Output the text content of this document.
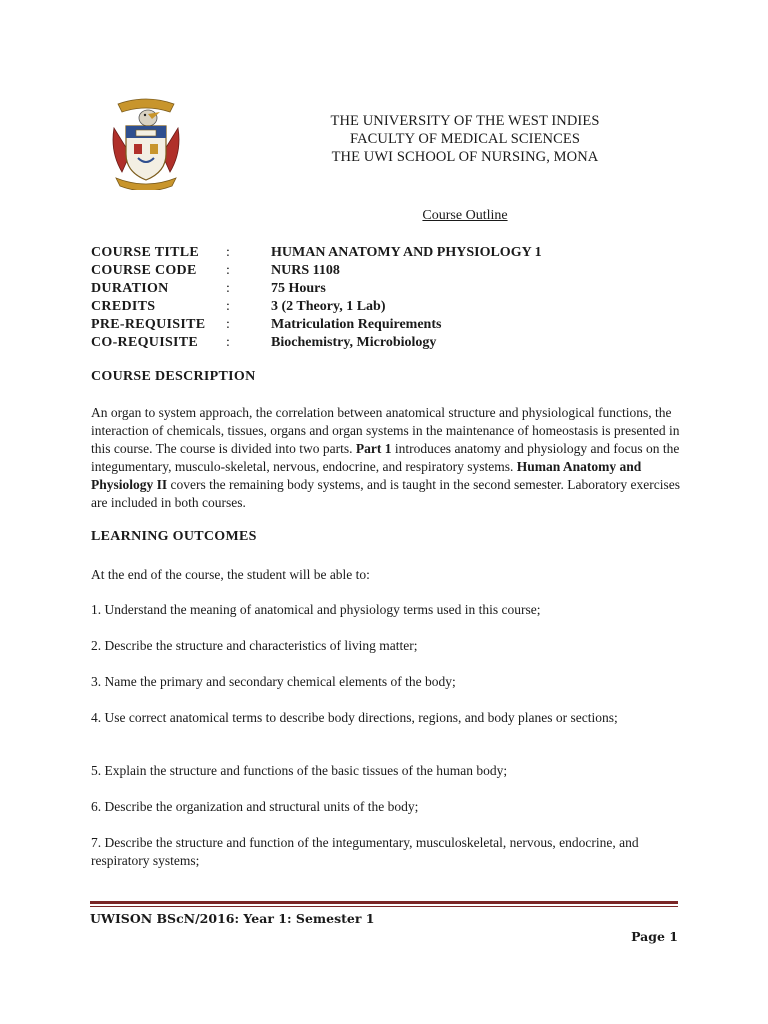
THE UNIVERSITY OF THE WEST INDIES
FACULTY OF MEDICAL SCIENCES
THE UWI SCHOOL OF NURSING, MONA
Course Outline
COURSE TITLE	:	HUMAN ANATOMY AND PHYSIOLOGY 1
COURSE CODE	:	NURS 1108
DURATION	:	75 Hours
CREDITS	:	3 (2 Theory, 1 Lab)
PRE-REQUISITE	:	Matriculation Requirements
CO-REQUISITE	:	Biochemistry, Microbiology
COURSE DESCRIPTION
An organ to system approach, the correlation between anatomical structure and physiological functions, the interaction of chemicals, tissues, organs and organ systems in the maintenance of homeostasis is presented in this course. The course is divided into two parts. Part 1 introduces anatomy and physiology and focus on the integumentary, musculo-skeletal, nervous, endocrine, and respiratory systems. Human Anatomy and Physiology II covers the remaining body systems, and is taught in the second semester. Laboratory exercises are included in both courses.
LEARNING OUTCOMES
At the end of the course, the student will be able to:
1. Understand the meaning of anatomical and physiology terms used in this course;
2. Describe the structure and characteristics of living matter;
3. Name the primary and secondary chemical elements of the body;
4. Use correct anatomical terms to describe body directions, regions, and body planes or sections;
5. Explain the structure and functions of the basic tissues of the human body;
6. Describe the organization and structural units of the body;
7. Describe the structure and function of the integumentary, musculoskeletal, nervous, endocrine, and respiratory systems;
UWISON BScN/2016: Year 1: Semester 1
Page 1
